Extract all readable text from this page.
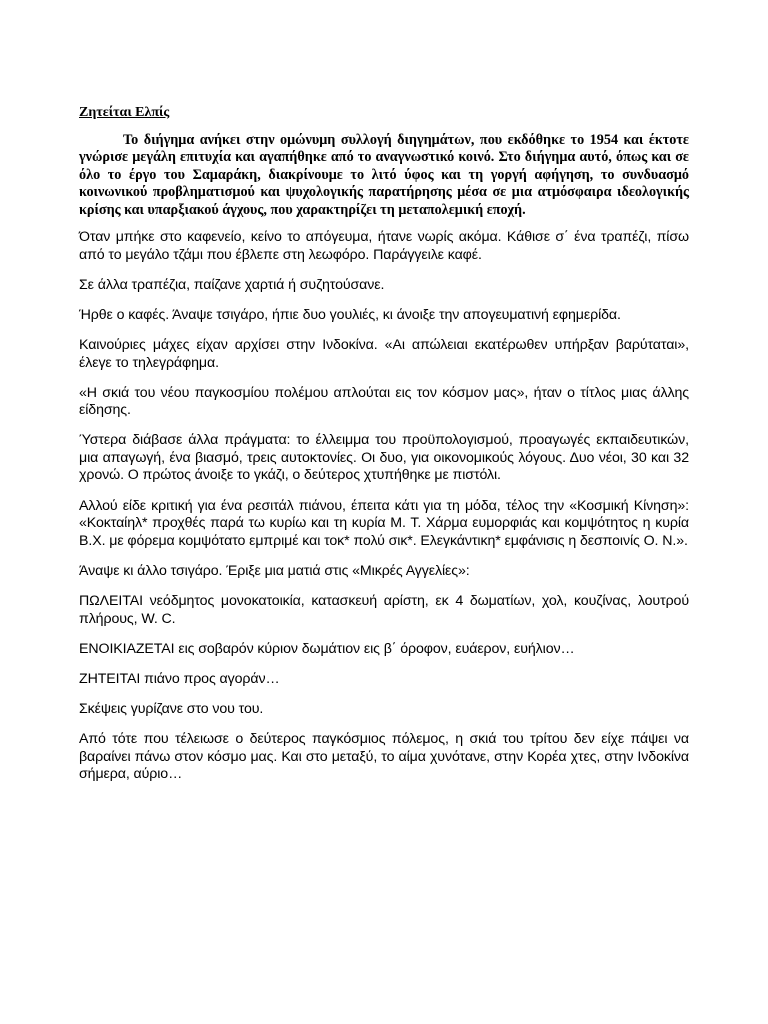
Ζητείται Ελπίς

Το διήγημα ανήκει στην ομώνυμη συλλογή διηγημάτων, που εκδόθηκε το 1954 και έκτοτε γνώρισε μεγάλη επιτυχία και αγαπήθηκε από το αναγνωστικό κοινό. Στο διήγημα αυτό, όπως και σε όλο το έργο του Σαμαράκη, διακρίνουμε το λιτό ύφος και τη γοργή αφήγηση, το συνδυασμό κοινωνικού προβληματισμού και ψυχολογικής παρατήρησης μέσα σε μια ατμόσφαιρα ιδεολογικής κρίσης και υπαρξιακού άγχους, που χαρακτηρίζει τη μεταπολεμική εποχή.

Όταν μπήκε στο καφενείο, κείνο το απόγευμα, ήτανε νωρίς ακόμα. Κάθισε σ΄ ένα τραπέζι, πίσω από το μεγάλο τζάμι που έβλεπε στη λεωφόρο. Παράγγειλε καφέ.

Σε άλλα τραπέζια, παίζανε χαρτιά ή συζητούσανε.

Ήρθε ο καφές. Άναψε τσιγάρο, ήπιε δυο γουλιές, κι άνοιξε την απογευματινή εφημερίδα.

Καινούριες μάχες είχαν αρχίσει στην Ινδοκίνα. «Αι απώλειαι εκατέρωθεν υπήρξαν βαρύταται», έλεγε το τηλεγράφημα.

«Η σκιά του νέου παγκοσμίου πολέμου απλούται εις τον κόσμον μας», ήταν ο τίτλος μιας άλλης είδησης.

Ύστερα διάβασε άλλα πράγματα: το έλλειμμα του προϋπολογισμού, προαγωγές εκπαιδευτικών, μια απαγωγή, ένα βιασμό, τρεις αυτοκτονίες. Οι δυο, για οικονομικούς λόγους. Δυο νέοι, 30 και 32 χρονώ. Ο πρώτος άνοιξε το γκάζι, ο δεύτερος χτυπήθηκε με πιστόλι.

Αλλού είδε κριτική για ένα ρεσιτάλ πιάνου, έπειτα κάτι για τη μόδα, τέλος την «Κοσμική Κίνηση»: «Κοκταίηλ* προχθές παρά τω κυρίω και τη κυρία Μ. Τ. Χάρμα ευμορφιάς και κομψότητος η κυρία Β.Χ. με φόρεμα κομψότατο εμπριμέ και τοκ* πολύ σικ*. Ελεγκάντικη* εμφάνισις η δεσποινίς Ο. Ν.».

Άναψε κι άλλο τσιγάρο. Έριξε μια ματιά στις «Μικρές Αγγελίες»:

ΠΩΛΕΙΤΑΙ νεόδμητος μονοκατοικία, κατασκευή αρίστη, εκ 4 δωματίων, χολ, κουζίνας, λουτρού πλήρους, W. C.

ΕΝΟΙΚΙΑΖΕΤΑΙ εις σοβαρόν κύριον δωμάτιον εις β΄ όροφον, ευάερον, ευήλιον…

ΖΗΤΕΙΤΑΙ πιάνο προς αγοράν…

Σκέψεις γυρίζανε στο νου του.

Από τότε που τέλειωσε ο δεύτερος παγκόσμιος πόλεμος, η σκιά του τρίτου δεν είχε πάψει να βαραίνει πάνω στον κόσμο μας. Και στο μεταξύ, το αίμα χυνότανε, στην Κορέα χτες, στην Ινδοκίνα σήμερα, αύριο…
